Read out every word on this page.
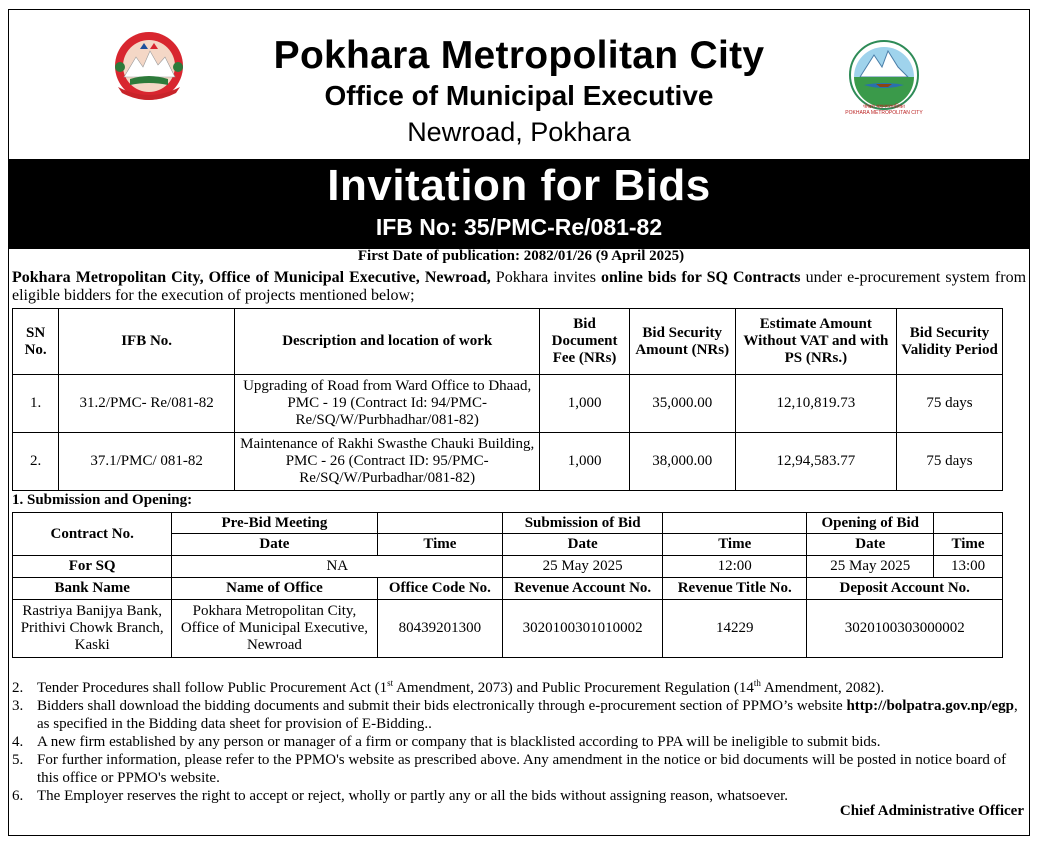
Pokhara Metropolitan City
Office of Municipal Executive
Newroad, Pokhara
पोखरा महानगरपालिका
POKHARA METROPOLITAN CITY
Invitation for Bids
IFB No: 35/PMC-Re/081-82
First Date of publication: 2082/01/26 (9 April 2025)
Pokhara Metropolitan City, Office of Municipal Executive, Newroad, Pokhara invites online bids for SQ Contracts under e-procurement system from eligible bidders for the execution of projects mentioned below;
SN No.	IFB No.	Description and location of work	Bid Document Fee (NRs)	Bid Security Amount (NRs)	Estimate Amount Without VAT and with PS (NRs.)	Bid Security Validity Period
1.	31.2/PMC- Re/081-82	Upgrading of Road from Ward Office to Dhaad, PMC - 19 (Contract Id: 94/PMC-Re/SQ/W/Purbhadhar/081-82)	1,000	35,000.00	12,10,819.73	75 days
2.	37.1/PMC/ 081-82	Maintenance of Rakhi Swasthe Chauki Building, PMC - 26 (Contract ID: 95/PMC-Re/SQ/W/Purbadhar/081-82)	1,000	38,000.00	12,94,583.77	75 days
1. Submission and Opening:
Contract No.	Pre-Bid Meeting		Submission of Bid		Opening of Bid	
	Date	Time	Date	Time	Date	Time
For SQ	NA		25 May 2025	12:00	25 May 2025	13:00
Bank Name	Name of Office	Office Code No.	Revenue Account No.	Revenue Title No.	Deposit Account No.	
Rastriya Banijya Bank, Prithivi Chowk Branch, Kaski	Pokhara Metropolitan City, Office of Municipal Executive, Newroad	80439201300	3020100301010002	14229	3020100303000002	
2. Tender Procedures shall follow Public Procurement Act (1st Amendment, 2073) and Public Procurement Regulation (14th Amendment, 2082).
3. Bidders shall download the bidding documents and submit their bids electronically through e-procurement section of PPMO’s website http://bolpatra.gov.np/egp, as specified in the Bidding data sheet for provision of E-Bidding..
4. A new firm established by any person or manager of a firm or company that is blacklisted according to PPA will be ineligible to submit bids.
5. For further information, please refer to the PPMO's website as prescribed above. Any amendment in the notice or bid documents will be posted in notice board of this office or PPMO's website.
6. The Employer reserves the right to accept or reject, wholly or partly any or all the bids without assigning reason, whatsoever.
Chief Administrative Officer
